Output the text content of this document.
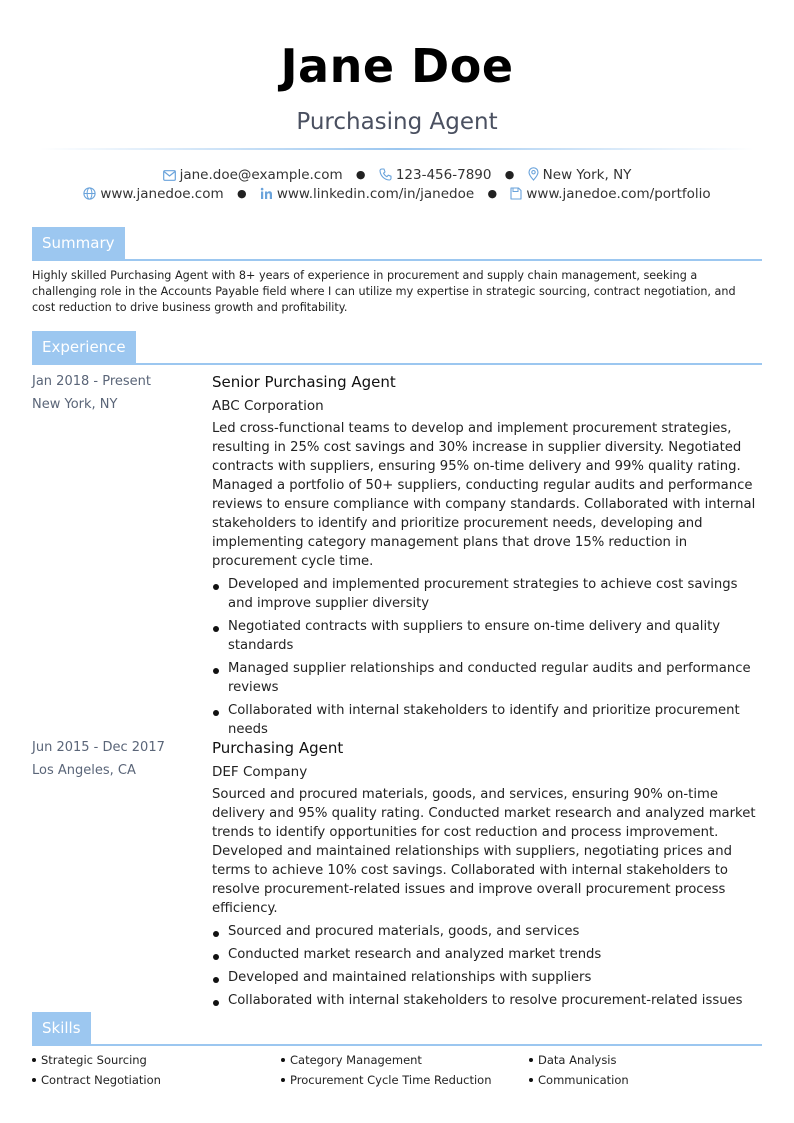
Jane Doe
Purchasing Agent
jane.doe@example.com ● 123-456-7890 ● New York, NY
www.janedoe.com ● www.linkedin.com/in/janedoe ● www.janedoe.com/portfolio
Summary
Highly skilled Purchasing Agent with 8+ years of experience in procurement and supply chain management, seeking a challenging role in the Accounts Payable field where I can utilize my expertise in strategic sourcing, contract negotiation, and cost reduction to drive business growth and profitability.
Experience
Jan 2018 - Present
New York, NY
Senior Purchasing Agent
ABC Corporation
Led cross-functional teams to develop and implement procurement strategies, resulting in 25% cost savings and 30% increase in supplier diversity. Negotiated contracts with suppliers, ensuring 95% on-time delivery and 99% quality rating. Managed a portfolio of 50+ suppliers, conducting regular audits and performance reviews to ensure compliance with company standards. Collaborated with internal stakeholders to identify and prioritize procurement needs, developing and implementing category management plans that drove 15% reduction in procurement cycle time.
Developed and implemented procurement strategies to achieve cost savings and improve supplier diversity
Negotiated contracts with suppliers to ensure on-time delivery and quality standards
Managed supplier relationships and conducted regular audits and performance reviews
Collaborated with internal stakeholders to identify and prioritize procurement needs
Jun 2015 - Dec 2017
Los Angeles, CA
Purchasing Agent
DEF Company
Sourced and procured materials, goods, and services, ensuring 90% on-time delivery and 95% quality rating. Conducted market research and analyzed market trends to identify opportunities for cost reduction and process improvement. Developed and maintained relationships with suppliers, negotiating prices and terms to achieve 10% cost savings. Collaborated with internal stakeholders to resolve procurement-related issues and improve overall procurement process efficiency.
Sourced and procured materials, goods, and services
Conducted market research and analyzed market trends
Developed and maintained relationships with suppliers
Collaborated with internal stakeholders to resolve procurement-related issues
Skills
Strategic Sourcing	Category Management	Data Analysis
Contract Negotiation	Procurement Cycle Time Reduction	Communication
